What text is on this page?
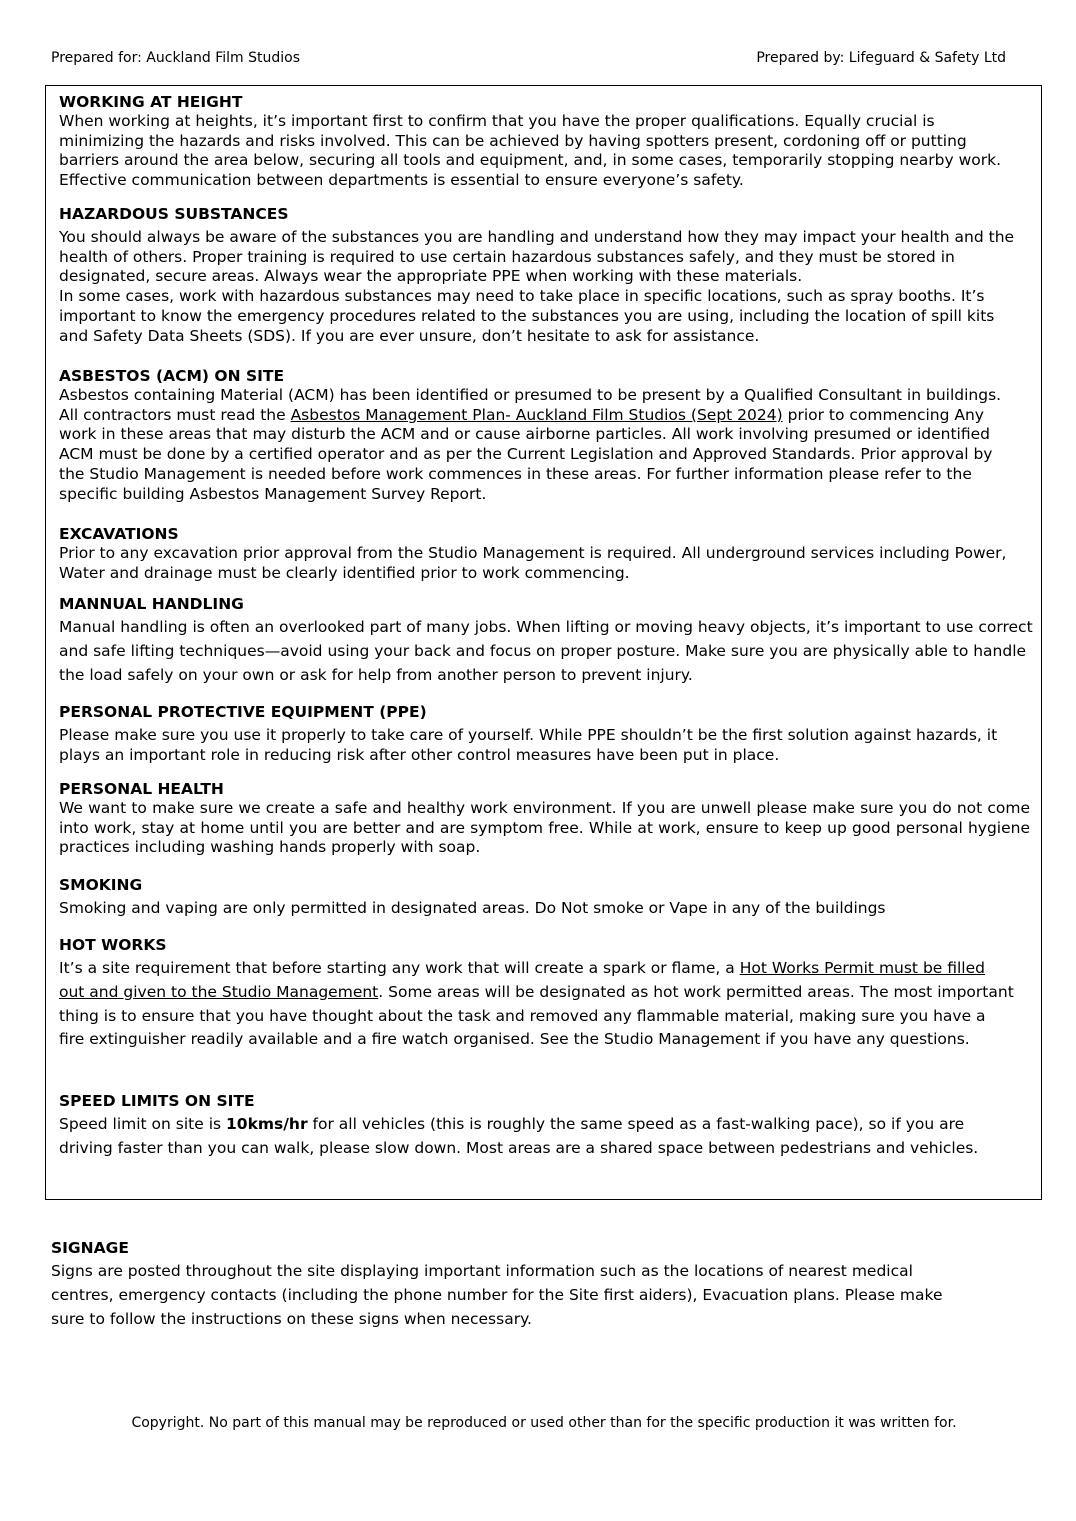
Prepared for: Auckland Film Studios	Prepared by: Lifeguard & Safety Ltd
WORKING AT HEIGHT

When working at heights, it’s important first to confirm that you have the proper qualifications. Equally crucial is minimizing the hazards and risks involved. This can be achieved by having spotters present, cordoning off or putting barriers around the area below, securing all tools and equipment, and, in some cases, temporarily stopping nearby work. Effective communication between departments is essential to ensure everyone’s safety.

HAZARDOUS SUBSTANCES

You should always be aware of the substances you are handling and understand how they may impact your health and the health of others. Proper training is required to use certain hazardous substances safely, and they must be stored in designated, secure areas. Always wear the appropriate PPE when working with these materials.

In some cases, work with hazardous substances may need to take place in specific locations, such as spray booths. It’s important to know the emergency procedures related to the substances you are using, including the location of spill kits and Safety Data Sheets (SDS). If you are ever unsure, don’t hesitate to ask for assistance.

ASBESTOS (ACM) ON SITE

Asbestos containing Material (ACM) has been identified or presumed to be present by a Qualified Consultant in buildings. All contractors must read the Asbestos Management Plan- Auckland Film Studios (Sept 2024) prior to commencing Any work in these areas that may disturb the ACM and or cause airborne particles. All work involving presumed or identified ACM must be done by a certified operator and as per the Current Legislation and Approved Standards. Prior approval by the Studio Management is needed before work commences in these areas. For further information please refer to the specific building Asbestos Management Survey Report.

EXCAVATIONS

Prior to any excavation prior approval from the Studio Management is required. All underground services including Power, Water and drainage must be clearly identified prior to work commencing.

MANNUAL HANDLING

Manual handling is often an overlooked part of many jobs. When lifting or moving heavy objects, it’s important to use correct and safe lifting techniques—avoid using your back and focus on proper posture. Make sure you are physically able to handle the load safely on your own or ask for help from another person to prevent injury.

PERSONAL PROTECTIVE EQUIPMENT (PPE)

Please make sure you use it properly to take care of yourself. While PPE shouldn’t be the first solution against hazards, it plays an important role in reducing risk after other control measures have been put in place.

PERSONAL HEALTH

We want to make sure we create a safe and healthy work environment. If you are unwell please make sure you do not come into work, stay at home until you are better and are symptom free. While at work, ensure to keep up good personal hygiene practices including washing hands properly with soap.

SMOKING

Smoking and vaping are only permitted in designated areas. Do Not smoke or Vape in any of the buildings

HOT WORKS

It’s a site requirement that before starting any work that will create a spark or flame, a Hot Works Permit must be filled out and given to the Studio Management. Some areas will be designated as hot work permitted areas. The most important thing is to ensure that you have thought about the task and removed any flammable material, making sure you have a fire extinguisher readily available and a fire watch organised. See the Studio Management if you have any questions.

SPEED LIMITS ON SITE

Speed limit on site is 10kms/hr for all vehicles (this is roughly the same speed as a fast-walking pace), so if you are driving faster than you can walk, please slow down. Most areas are a shared space between pedestrians and vehicles.

SIGNAGE

Signs are posted throughout the site displaying important information such as the locations of nearest medical centres, emergency contacts (including the phone number for the Site first aiders), Evacuation plans. Please make sure to follow the instructions on these signs when necessary.

Copyright. No part of this manual may be reproduced or used other than for the specific production it was written for.
